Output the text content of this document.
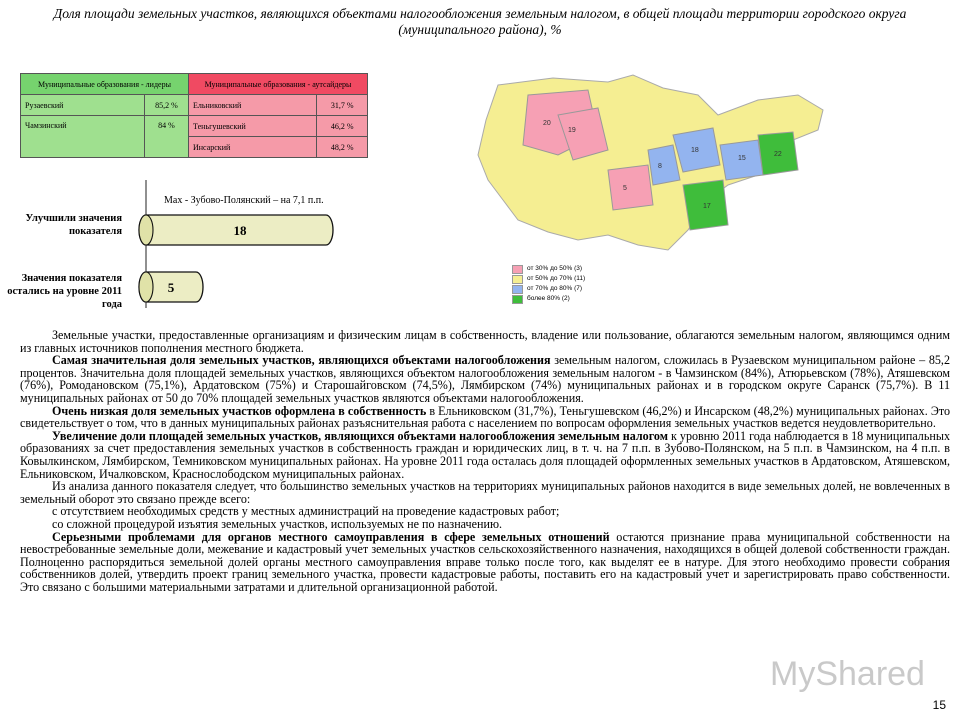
Доля площади земельных участков, являющихся объектами налогообложения земельным налогом, в общей площади территории городского округа (муниципального района), %
Муниципальные образования - лидеры		Муниципальные образования - аутсайдеры	
Рузаевский	85,2 %	Ельниковский	31,7 %
Чамзинский	84 %	Теньгушевский	46,2 %
		Инсарский	48,2 %
Улучшили значения показателя
Значения показателя остались на уровне 2011 года
Max - Зубово-Полянский – на 7,1 п.п.
18
5
20
19
5
8
18
15
17
22
от 30% до 50% (3)
от 50% до 70% (11)
от 70% до 80% (7)
более 80% (2)

Земельные участки, предоставленные организациям и физическим лицам в собственность, владение или пользование, облагаются земельным налогом, являющимся одним из главных источников пополнения местного бюджета.

Самая значительная доля земельных участков, являющихся объектами налогообложения земельным налогом, сложилась в Рузаевском муниципальном районе – 85,2 процентов. Значительна доля площадей земельных участков, являющихся объектом налогообложения земельным налогом - в Чамзинском (84%), Атюрьевском (78%), Атяшевском (76%), Ромодановском (75,1%), Ардатовском (75%) и Старошайговском (74,5%), Лямбирском (74%) муниципальных районах и в городском округе Саранск (75,7%). В 11 муниципальных районах от 50 до 70% площадей земельных участков являются объектами налогообложения.

Очень низкая доля земельных участков оформлена в собственность в Ельниковском (31,7%), Теньгушевском (46,2%) и Инсарском (48,2%) муниципальных районах. Это свидетельствует о том, что в данных муниципальных районах разъяснительная работа с населением по вопросам оформления земельных участков ведется неудовлетворительно.

Увеличение доли площадей земельных участков, являющихся объектами налогообложения земельным налогом к уровню 2011 года наблюдается в 18 муниципальных образованиях за счет предоставления земельных участков в собственность граждан и юридических лиц, в т. ч. на 7 п.п. в Зубово-Полянском, на 5 п.п. в Чамзинском, на 4 п.п. в Ковылкинском, Лямбирском, Темниковском муниципальных районах. На уровне 2011 года осталась доля площадей оформленных земельных участков в Ардатовском, Атяшевском, Ельниковском, Ичалковском, Краснослободском муниципальных районах.

Из анализа данного показателя следует, что большинство земельных участков на территориях муниципальных районов находится в виде земельных долей, не вовлеченных в земельный оборот это связано прежде всего:

с отсутствием необходимых средств у местных администраций на проведение кадастровых работ;

со сложной процедурой изъятия земельных участков, используемых не по назначению.

Серьезными проблемами для органов местного самоуправления в сфере земельных отношений остаются признание права муниципальной собственности на невостребованные земельные доли, межевание и кадастровый учет земельных участков сельскохозяйственного назначения, находящихся в общей долевой собственности граждан. Полноценно распорядиться земельной долей органы местного самоуправления вправе только после того, как выделят ее в натуре. Для этого необходимо провести собрания собственников долей, утвердить проект границ земельного участка, провести кадастровые работы, поставить его на кадастровый учет и зарегистрировать право собственности. Это связано с большими материальными затратами и длительной организационной работой.

MyShared
15
